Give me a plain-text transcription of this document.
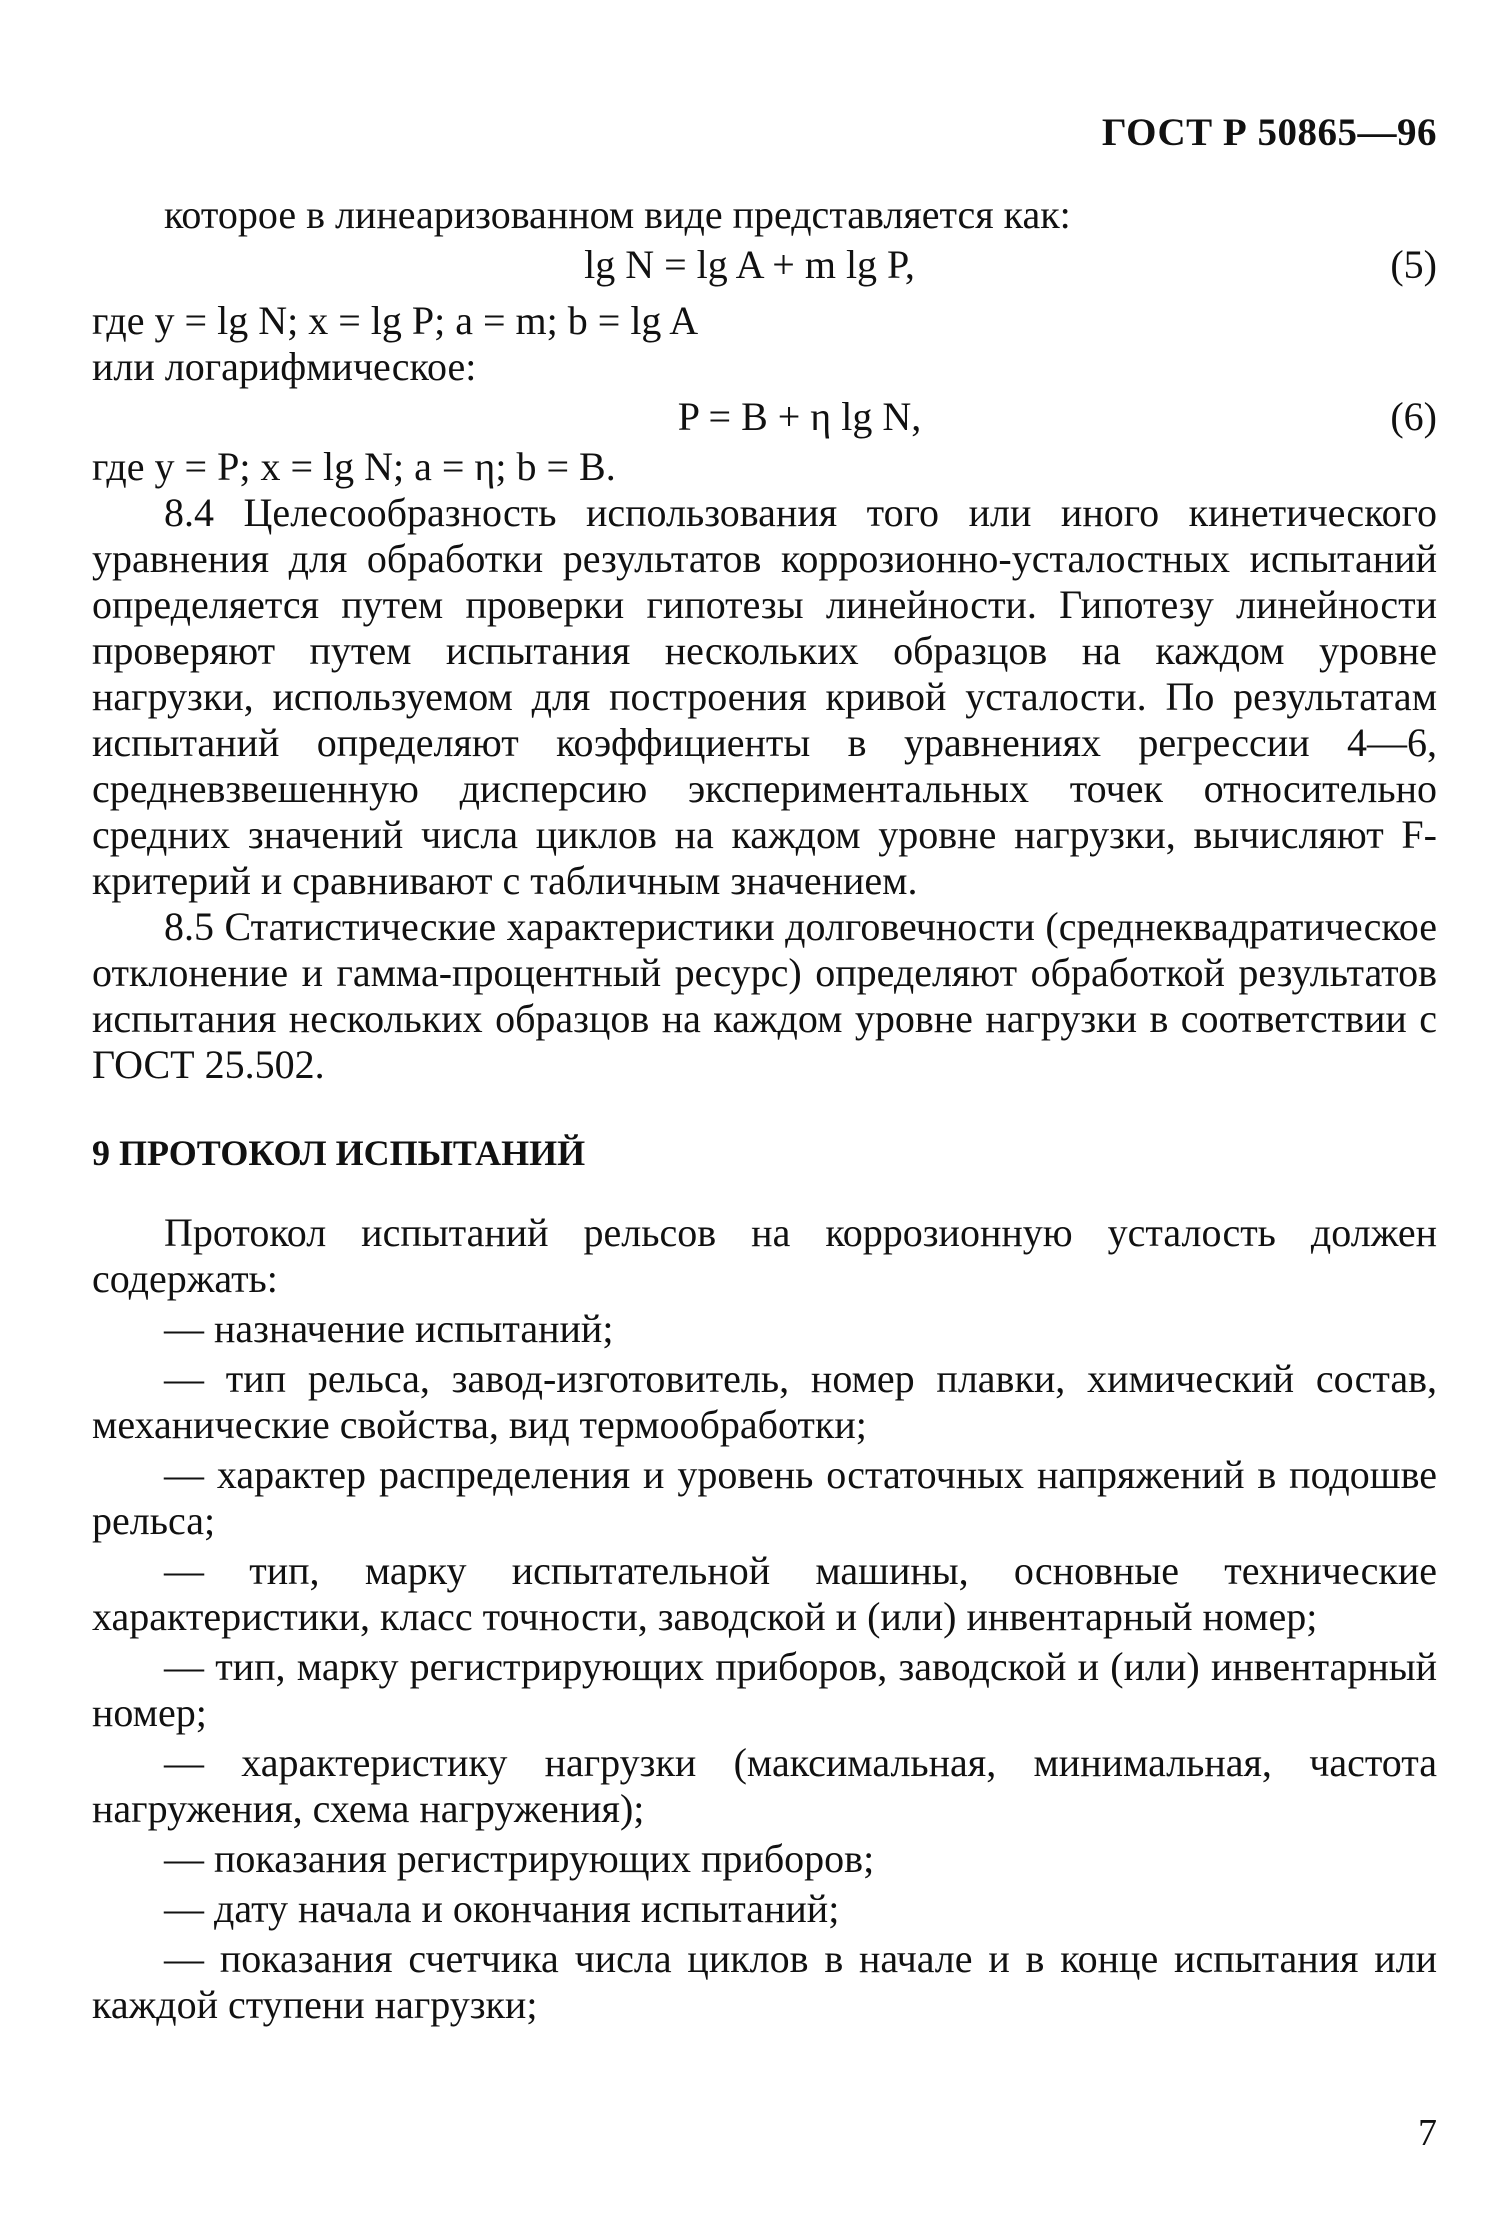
ГОСТ Р 50865—96

которое в линеаризованном виде представляется как:

lg N = lg A + m lg P,	(5)

где y = lg N; x = lg P; a = m; b = lg A

или логарифмическое:

P = B + η lg N,	(6)

где y = P; x = lg N; a = η; b = B.

8.4 Целесообразность использования того или иного кинетического уравнения для обработки результатов коррозионно-усталостных испытаний определяется путем проверки гипотезы линейности. Гипотезу линейности проверяют путем испытания нескольких образцов на каждом уровне нагрузки, используемом для построения кривой усталости. По результатам испытаний определяют коэффициенты в уравнениях регрессии 4—6, средневзвешенную дисперсию экспериментальных точек относительно средних значений числа циклов на каждом уровне нагрузки, вычисляют F-критерий и сравнивают с табличным значением.

8.5 Статистические характеристики долговечности (среднеквадратическое отклонение и гамма-процентный ресурс) определяют обработкой результатов испытания нескольких образцов на каждом уровне нагрузки в соответствии с ГОСТ 25.502.

9 ПРОТОКОЛ ИСПЫТАНИЙ

Протокол испытаний рельсов на коррозионную усталость должен содержать:

— назначение испытаний;

— тип рельса, завод-изготовитель, номер плавки, химический состав, механические свойства, вид термообработки;

— характер распределения и уровень остаточных напряжений в подошве рельса;

— тип, марку испытательной машины, основные технические характеристики, класс точности, заводской и (или) инвентарный номер;

— тип, марку регистрирующих приборов, заводской и (или) инвентарный номер;

— характеристику нагрузки (максимальная, минимальная, частота нагружения, схема нагружения);

— показания регистрирующих приборов;

— дату начала и окончания испытаний;

— показания счетчика числа циклов в начале и в конце испытания или каждой ступени нагрузки;

7
